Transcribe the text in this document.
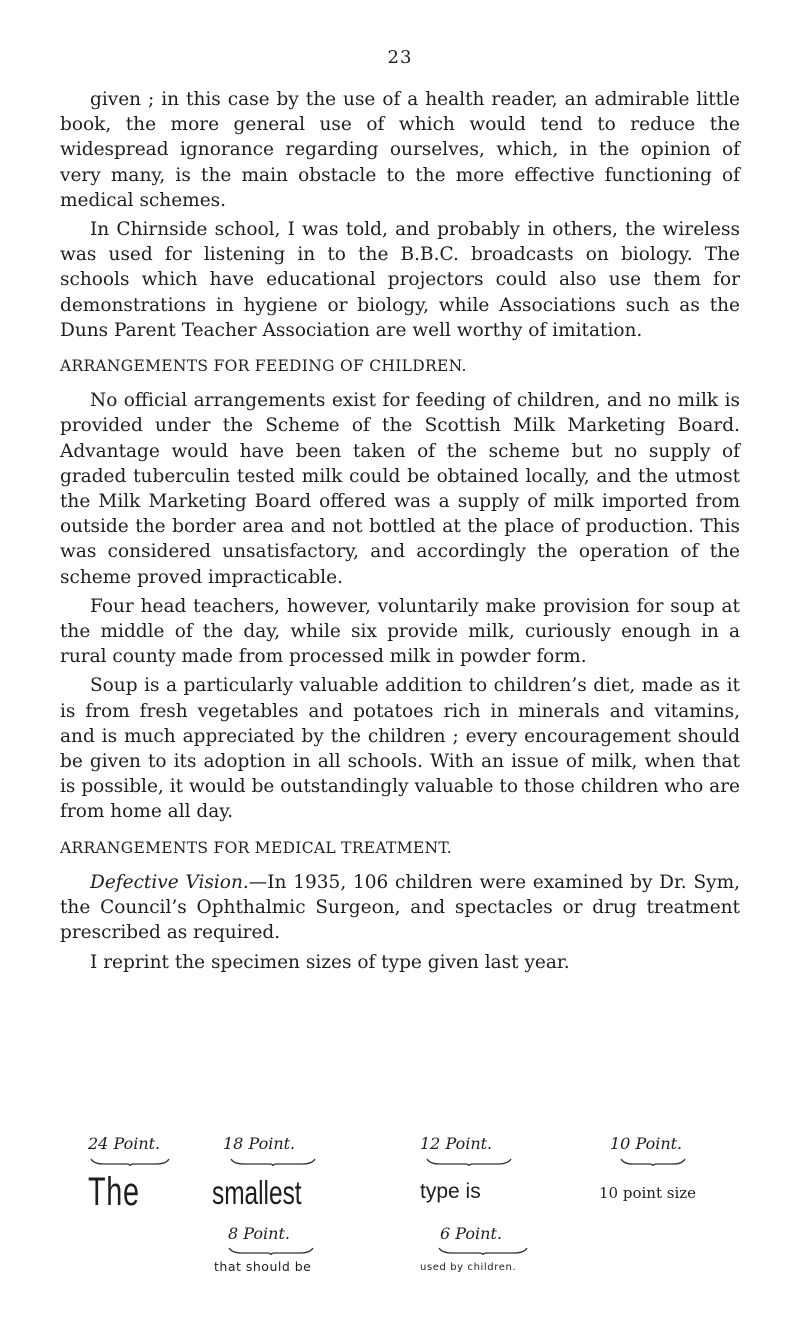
23

given ; in this case by the use of a health reader, an admirable little book, the more general use of which would tend to reduce the widespread ignorance regarding ourselves, which, in the opinion of very many, is the main obstacle to the more effective functioning of medical schemes.

In Chirnside school, I was told, and probably in others, the wireless was used for listening in to the B.B.C. broadcasts on biology. The schools which have educational projectors could also use them for demonstrations in hygiene or biology, while Associations such as the Duns Parent Teacher Association are well worthy of imitation.

ARRANGEMENTS FOR FEEDING OF CHILDREN.

No official arrangements exist for feeding of children, and no milk is provided under the Scheme of the Scottish Milk Marketing Board. Advantage would have been taken of the scheme but no supply of graded tuberculin tested milk could be obtained locally, and the utmost the Milk Marketing Board offered was a supply of milk imported from outside the border area and not bottled at the place of production. This was considered unsatisfactory, and accordingly the operation of the scheme proved impracticable.

Four head teachers, however, voluntarily make provision for soup at the middle of the day, while six provide milk, curiously enough in a rural county made from processed milk in powder form.

Soup is a particularly valuable addition to children’s diet, made as it is from fresh vegetables and potatoes rich in minerals and vitamins, and is much appreciated by the children ; every encouragement should be given to its adoption in all schools. With an issue of milk, when that is possible, it would be outstandingly valuable to those children who are from home all day.

ARRANGEMENTS FOR MEDICAL TREATMENT.

Defective Vision.—In 1935, 106 children were examined by Dr. Sym, the Council’s Ophthalmic Surgeon, and spectacles or drug treatment prescribed as required.

I reprint the specimen sizes of type given last year.

24 Point.	18 Point.	12 Point.	10 Point.
The smallest	type is	10 point size
8 Point.	6 Point.
that should be	used by children.
